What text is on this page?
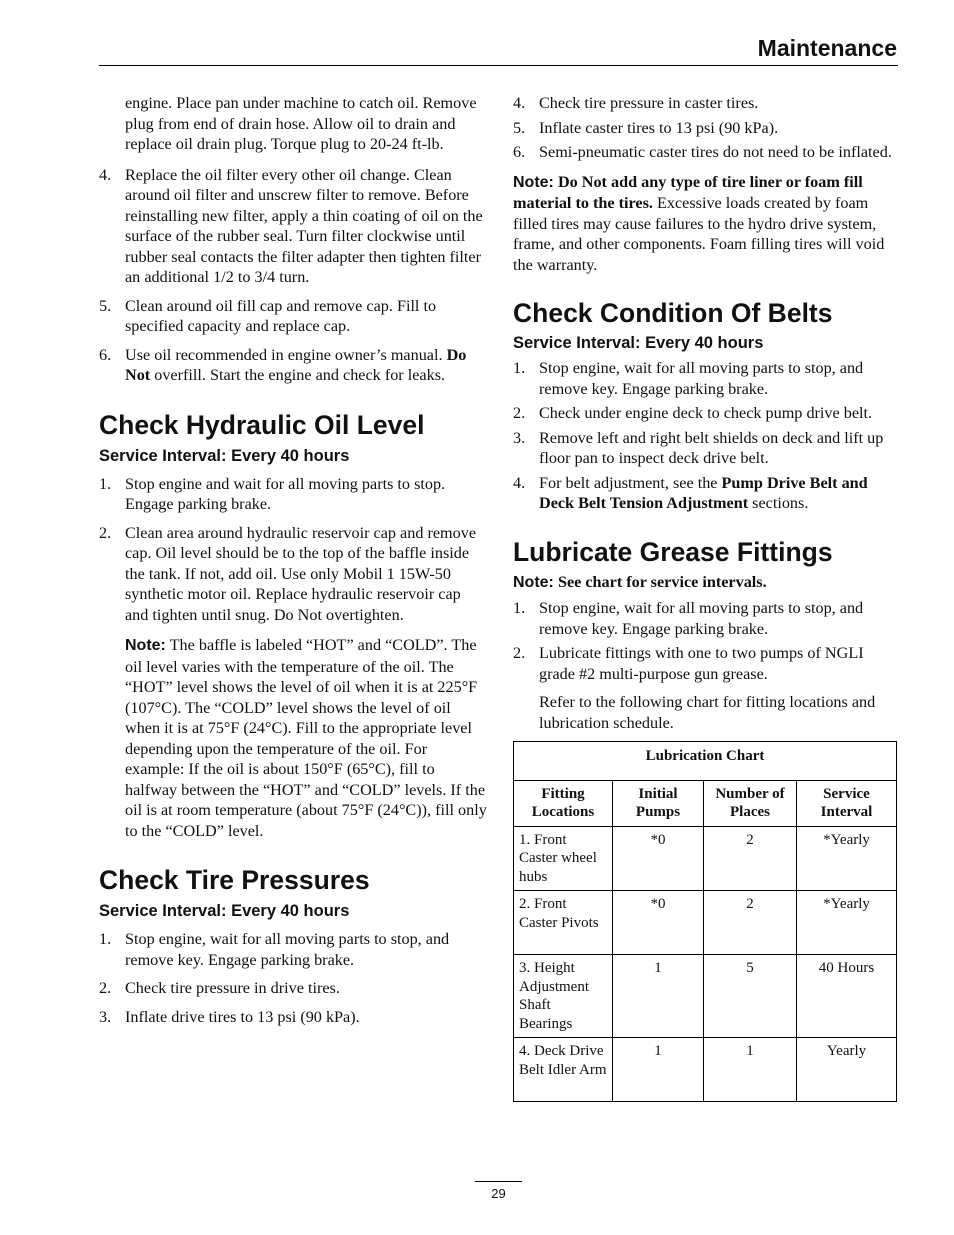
Maintenance

engine. Place pan under machine to catch oil. Remove plug from end of drain hose. Allow oil to drain and replace oil drain plug. Torque plug to 20-24 ft-lb.

4. Replace the oil filter every other oil change. Clean around oil filter and unscrew filter to remove. Before reinstalling new filter, apply a thin coating of oil on the surface of the rubber seal. Turn filter clockwise until rubber seal contacts the filter adapter then tighten filter an additional 1/2 to 3/4 turn.
5. Clean around oil fill cap and remove cap. Fill to specified capacity and replace cap.
6. Use oil recommended in engine owner’s manual. Do Not overfill. Start the engine and check for leaks.
Check Hydraulic Oil Level

Service Interval: Every 40 hours

1. Stop engine and wait for all moving parts to stop. Engage parking brake.
2. Clean area around hydraulic reservoir cap and remove cap. Oil level should be to the top of the baffle inside the tank. If not, add oil. Use only Mobil 1 15W-50 synthetic motor oil. Replace hydraulic reservoir cap and tighten until snug. Do Not overtighten.

Note: The baffle is labeled “HOT” and “COLD”. The oil level varies with the temperature of the oil. The “HOT” level shows the level of oil when it is at 225°F (107°C). The “COLD” level shows the level of oil when it is at 75°F (24°C). Fill to the appropriate level depending upon the temperature of the oil. For example: If the oil is about 150°F (65°C), fill to halfway between the “HOT” and “COLD” levels. If the oil is at room temperature (about 75°F (24°C)), fill only to the “COLD” level.

Check Tire Pressures

Service Interval: Every 40 hours

1. Stop engine, wait for all moving parts to stop, and remove key. Engage parking brake.
2. Check tire pressure in drive tires.
3. Inflate drive tires to 13 psi (90 kPa).
4. Check tire pressure in caster tires.
5. Inflate caster tires to 13 psi (90 kPa).
6. Semi-pneumatic caster tires do not need to be inflated.

Note: Do Not add any type of tire liner or foam fill material to the tires. Excessive loads created by foam filled tires may cause failures to the hydro drive system, frame, and other components. Foam filling tires will void the warranty.

Check Condition Of Belts

Service Interval: Every 40 hours

1. Stop engine, wait for all moving parts to stop, and remove key. Engage parking brake.
2. Check under engine deck to check pump drive belt.
3. Remove left and right belt shields on deck and lift up floor pan to inspect deck drive belt.
4. For belt adjustment, see the Pump Drive Belt and Deck Belt Tension Adjustment sections.
Lubricate Grease Fittings

Note: See chart for service intervals.

1. Stop engine, wait for all moving parts to stop, and remove key. Engage parking brake.
2. Lubricate fittings with one to two pumps of NGLI grade #2 multi-purpose gun grease.

Refer to the following chart for fitting locations and lubrication schedule.

Lubrication Chart			
Fitting Locations	Initial Pumps	Number of Places	Service Interval
1. Front Caster wheel hubs	*0	2	*Yearly
2. Front Caster Pivots	*0	2	*Yearly
3. Height Adjustment Shaft Bearings	1	5	40 Hours
4. Deck Drive Belt Idler Arm	1	1	Yearly
29
